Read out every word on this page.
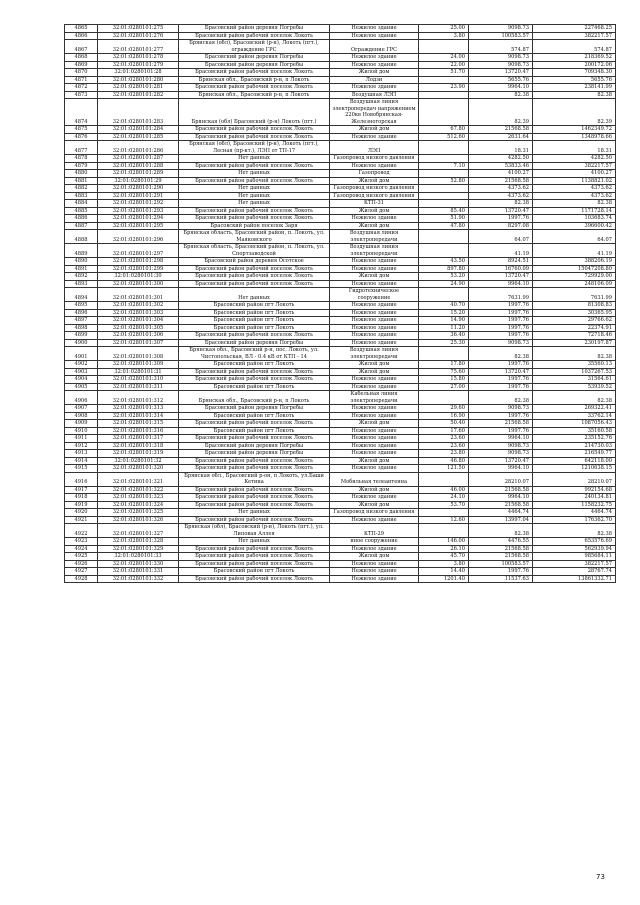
4865	32:01:0280101:275	Брасовский район деревня Погребы	Нежилое здание	25.00	9098.73	227468.25
4866	32:01:0280101:276	Брасовский район рабочий поселок Локоть	Нежилое здание	3.80	100583.57	382217.57
4867	32:01:0280101:277	Брянская (обл), Брасовский (р-н), Локоть (пгт.), ограждение ГРС	Ограждение ГРС		574.87	574.87
4868	32:01:0280101:278	Брасовский район деревня Погребы	Нежилое здание	24.00	9098.73	218369.52
4869	32:01:0280101:279	Брасовский район деревня Погребы	Нежилое здание	22.00	9098.73	200172.06
4870	32:01:0280101:28	Брасовский район рабочий поселок Локоть	Жилой дом	51.70	13720.47	709348.30
4871	32:01:0280101:280	Брянская обл., Брасовский р-н, п Локоть	Лодзи		5655.76	5655.76
4872	32:01:0280101:281	Брасовский район рабочий поселок Локоть	Нежилое здание	23.90	9964.10	238141.99
4873	32:01:0280101:282	Брянская обл., Брасовский р-н, п Локоть	Воздушная ЛЭП		82.38	82.38
4874	32:01:0280101:283	Брянская (обл) Брасовский (р-н) Локоть (пгт.)	Воздушная линия электропередач напряжением 220кв Новобрянская-Железногорская		82.39	82.39
4875	32:01:0280101:284	Брасовский район рабочий поселок Локоть	Жилой дом	67.80	21568.58	1462349.72
4876	32:01:0280101:285	Брасовский район рабочий поселок Локоть	Нежилое здание	512.60	2631.64	1348978.66
4877	32:01:0280101:286	Брянская (обл), Брасовский (р-н), Локоть (пгт.), Лесная (пр-кт.), ЛЭП от ТП-17	ЛЭП		18.31	18.31
4878	32:01:0280101:287	Нет данных	Газопровод низкого давления		4282.50	4282.50
4879	32:01:0280101:288	Брасовский район рабочий поселок Локоть	Нежилое здание	7.10	53833.46	382217.57
4880	32:01:0280101:289	Нет данных	Газопровод		4100.27	4100.27
4881	32:01:0280101:29	Брасовский район рабочий поселок Локоть	Жилой дом	52.80	21568.58	1138821.02
4882	32:01:0280101:290	Нет данных	Газопровод низкого давления		4373.62	4373.62
4883	32:01:0280101:291	Нет данных	Газопровод низкого давления		4373.62	4373.62
4884	32:01:0280101:292	Нет данных	КТП-31		82.38	82.38
4885	32:01:0280101:293	Брасовский район рабочий поселок Локоть	Жилой дом	85.40	13720.47	1171728.14
4886	32:01:0280101:294	Брасовский район рабочий поселок Локоть	Нежилое здание	51.90	1997.76	103683.74
4887	32:01:0280101:295	Брасовский район поселок Заря	Жилой дом	47.80	8297.08	396600.42
4888	32:01:0280101:296	Брянская область, Брасовский район, п. Локоть, ул. Маяковского	Воздушная линия электропередачи		64.07	64.07
4889	32:01:0280101:297	Брянская область, Брасовский район, п. Локоть, ул. Спортзаводской	Воздушная линия электропередачи		41.19	41.19
4890	32:01:0280101:298	Брасовский район деревня Осотское	Нежилое здание	43.50	8924.51	388206.19
4891	32:01:0280101:299	Брасовский район рабочий поселок Локоть	Нежилое здание	897.80	16760.09	15047208.80
4892	32:01:0280101:30	Брасовский район рабочий поселок Локоть	Жилой дом	53.20	13720.47	729929.00
4893	32:01:0280101:300	Брасовский район рабочий поселок Локоть	Нежилое здание	24.90	9964.10	248106.09
4894	32:01:0280101:301	Нет данных	Гидротехническое сооружение		7631.99	7631.99
4895	32:01:0280101:302	Брасовский район пгт Локоть	Нежилое здание	40.70	1997.76	81308.83
4896	32:01:0280101:303	Брасовский район пгт Локоть	Нежилое здание	15.20	1997.76	30365.95
4897	32:01:0280101:304	Брасовский район пгт Локоть	Нежилое здание	14.90	1997.76	29766.62
4898	32:01:0280101:305	Брасовский район пгт Локоть	Нежилое здание	11.20	1997.76	22374.91
4899	32:01:0280101:306	Брасовский район рабочий поселок Локоть	Нежилое здание	36.40	1997.76	72718.46
4900	32:01:0280101:307	Брасовский район деревня Погребы	Нежилое здание	25.30	9098.73	230197.87
4901	32:01:0280101:308	Брянская обл., Брасовский р-н, пос. Локоть, ул. Чистопольская, ВЛ - 0.4 кВ от КТП - 14	Воздушная линия электропередачи		82.38	82.38
4902	32:01:0280101:309	Брасовский район пгт Локоть	Жилой дом	17.80	1997.76	35560.13
4903	32:01:0280101:31	Брасовский район рабочий поселок Локоть	Жилой дом	75.60	13720.47	1037267.53
4904	32:01:0280101:310	Брасовский район рабочий поселок Локоть	Нежилое здание	15.80	1997.76	31564.61
4905	32:01:0280101:311	Брасовский район пгт Локоть	Нежилое здание	27.00	1997.76	53939.52
4906	32:01:0280101:312	Брянская обл., Брасовский р-н, п Локоть	Кабельная линия электропередачи		82.38	82.38
4907	32:01:0280101:313	Брасовский район деревня Погребы	Нежилое здание	29.60	9098.73	269322.41
4908	32:01:0280101:314	Брасовский район пгт Локоть	Нежилое здание	16.90	1997.76	33762.14
4909	32:01:0280101:315	Брасовский район рабочий поселок Локоть	Жилой дом	50.40	21568.58	1087056.43
4910	32:01:0280101:316	Брасовский район пгт Локоть	Нежилое здание	17.60	1997.76	35160.58
4911	32:01:0280101:317	Брасовский район рабочий поселок Локоть	Нежилое здание	23.60	9964.10	235152.76
4912	32:01:0280101:318	Брасовский район деревня Погребы	Нежилое здание	23.60	9098.73	214730.03
4913	32:01:0280101:319	Брасовский район деревня Погребы	Нежилое здание	23.80	9098.73	216549.77
4914	32:01:0280101:32	Брасовский район рабочий поселок Локоть	Жилой дом	46.80	13720.47	642118.00
4915	32:01:0280101:320	Брасовский район рабочий поселок Локоть	Нежилое здание	121.50	9964.10	1210638.15
4916	32:01:0280101:321	Брянская обл., Брасовский р-он, п Локоть, ул.Баши Кетина	Мобильная телеантенна		28210.07	28210.07
4917	32:01:0280101:322	Брасовский район рабочий поселок Локоть	Жилой дом	46.00	21568.58	992154.68
4918	32:01:0280101:323	Брасовский район рабочий поселок Локоть	Нежилое здание	24.10	9964.10	240134.81
4919	32:01:0280101:324	Брасовский район рабочий поселок Локоть	Жилой дом	53.70	21568.58	1158232.75
4920	32:01:0280101:325	Нет данных	Газопровод низкого давления		4464.74	4464.74
4921	32:01:0280101:326	Брасовский район рабочий поселок Локоть	Нежилое здание	12.60	13997.04	176362.70
4922	32:01:0280101:327	Брянская (обл), Брасовский (р-н), Локоть (пгт.), ул. Липовая Аллея	КТП-29		82.38	82.38
4923	32:01:0280101:328	Нет данных	иное сооружение	146.00	4476.55	653576.69
4924	32:01:0280101:329	Брасовский район рабочий поселок Локоть	Нежилое здание	26.10	21568.58	562939.94
4925	32:01:0280101:33	Брасовский район рабочий поселок Локоть	Жилой дом	45.70	21568.58	985684.11
4926	32:01:0280101:330	Брасовский район рабочий поселок Локоть	Нежилое здание	3.80	100583.57	382217.57
4927	32:01:0280101:331	Брасовский район пгт Локоть	Нежилое здание	14.40	1997.76	28767.74
4928	32:01:0280101:332	Брасовский район рабочий поселок Локоть	Нежилое здание	1201.40	11537.63	13861332.71
73
